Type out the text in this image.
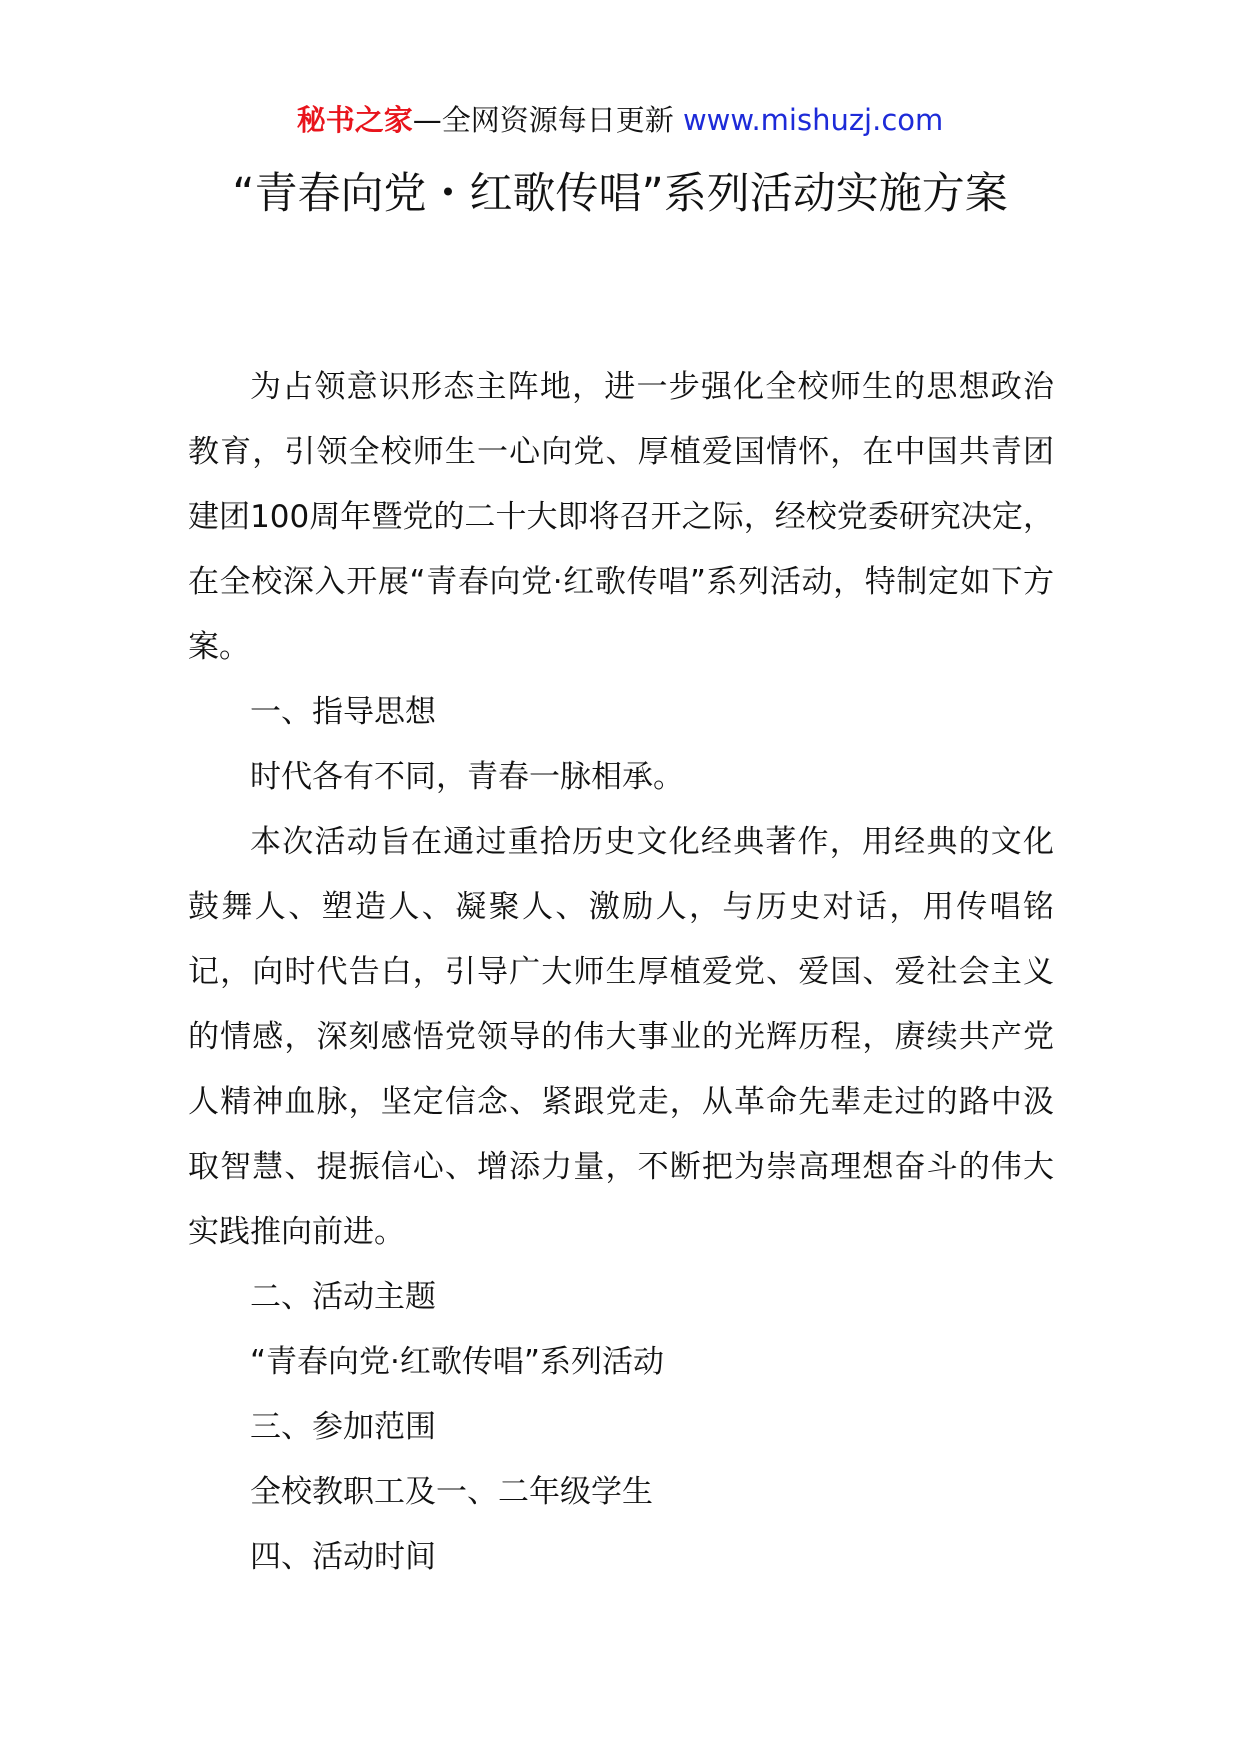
秘书之家—全网资源每日更新 www.mishuzj.com
“青春向党・红歌传唱”系列活动实施方案

为占领意识形态主阵地，进一步强化全校师生的思想政治教育，引领全校师生一心向党、厚植爱国情怀，在中国共青团建团100周年暨党的二十大即将召开之际，经校党委研究决定，在全校深入开展“青春向党·红歌传唱”系列活动，特制定如下方案。

一、指导思想

时代各有不同，青春一脉相承。

本次活动旨在通过重拾历史文化经典著作，用经典的文化鼓舞人、塑造人、凝聚人、激励人，与历史对话，用传唱铭记，向时代告白，引导广大师生厚植爱党、爱国、爱社会主义的情感，深刻感悟党领导的伟大事业的光辉历程，赓续共产党人精神血脉，坚定信念、紧跟党走，从革命先辈走过的路中汲取智慧、提振信心、增添力量，不断把为崇高理想奋斗的伟大实践推向前进。

二、活动主题

“青春向党·红歌传唱”系列活动

三、参加范围

全校教职工及一、二年级学生

四、活动时间
